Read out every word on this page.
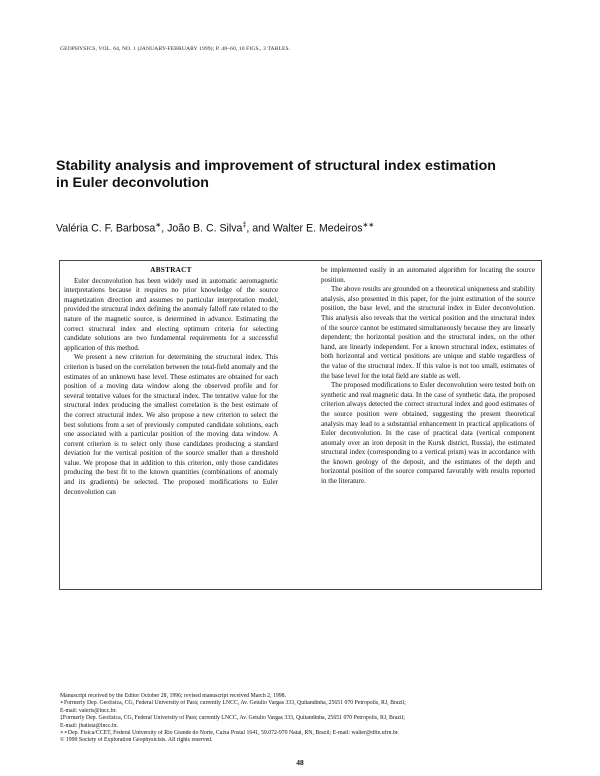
GEOPHYSICS, VOL. 64, NO. 1 (JANUARY-FEBRUARY 1999); P. 48–60, 10 FIGS., 3 TABLES.
Stability analysis and improvement of structural index estimation
in Euler deconvolution
Valéria C. F. Barbosa∗, João B. C. Silva‡, and Walter E. Medeiros∗∗
ABSTRACT

Euler deconvolution has been widely used in automatic aeromagnetic interpretations because it requires no prior knowledge of the source magnetization direction and assumes no particular interpretation model, provided the structural index defining the anomaly falloff rate related to the nature of the magnetic source, is determined in advance. Estimating the correct structural index and electing optimum criteria for selecting candidate solutions are two fundamental requirements for a successful application of this method.

We present a new criterion for determining the structural index. This criterion is based on the correlation between the total-field anomaly and the estimates of an unknown base level. These estimates are obtained for each position of a moving data window along the observed profile and for several tentative values for the structural index. The tentative value for the structural index producing the smallest correlation is the best estimate of the correct structural index. We also propose a new criterion to select the best solutions from a set of previously computed candidate solutions, each one associated with a particular position of the moving data window. A current criterion is to select only those candidates producing a standard deviation for the vertical position of the source smaller than a threshold value. We propose that in addition to this criterion, only those candidates producing the best fit to the known quantities (combinations of anomaly and its gradients) be selected. The proposed modifications to Euler deconvolution can

be implemented easily in an automated algorithm for locating the source position.

The above results are grounded on a theoretical uniqueness and stability analysis, also presented in this paper, for the joint estimation of the source position, the base level, and the structural index in Euler deconvolution. This analysis also reveals that the vertical position and the structural index of the source cannot be estimated simultaneously because they are linearly dependent; the horizontal position and the structural index, on the other hand, are linearly independent. For a known structural index, estimates of both horizontal and vertical positions are unique and stable regardless of the value of the structural index. If this value is not too small, estimates of the base level for the total field are stable as well.

The proposed modifications to Euler deconvolution were tested both on synthetic and real magnetic data. In the case of synthetic data, the proposed criterion always detected the correct structural index and good estimates of the source position were obtained, suggesting the present theoretical analysis may lead to a substantial enhancement in practical applications of Euler deconvolution. In the case of practical data (vertical component anomaly over an iron deposit in the Kursk district, Russia), the estimated structural index (corresponding to a vertical prism) was in accordance with the known geology of the deposit, and the estimates of the depth and horizontal position of the source compared favorably with results reported in the literature.

Manuscript received by the Editor October 28, 1996; revised manuscript received March 2, 1998.
∗Formerly Dep. Geofísica, CG, Federal University of Pará; currently LNCC, Av. Getulio Vargas 333, Quitandinha, 25651 070 Petropolis, RJ, Brazil;
E-mail: valeris@lncc.br.
‡Formerly Dep. Geofísica, CG, Federal University of Pará; currently LNCC, Av. Getulio Vargas 333, Quitandinha, 25651 070 Petropolis, RJ, Brazil;
E-mail: jbatista@lncc.br.
∗∗Dep. Física/CCET, Federal University of Rio Grande do Norte, Caixa Postal 1641, 59.072-970 Natal, RN, Brazil; E-mail: walter@dfte.ufrn.br.
© 1999 Society of Exploration Geophysicists. All rights reserved.
48
